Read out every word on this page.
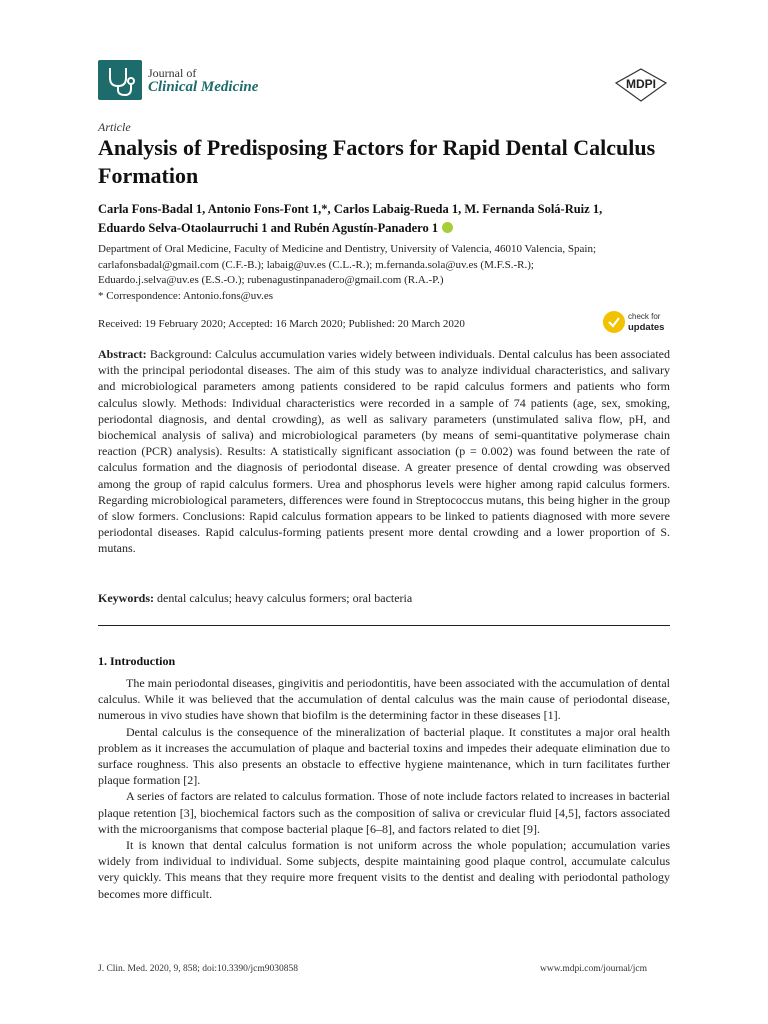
Journal of
Clinical Medicine	MDPI
Article
Analysis of Predisposing Factors for Rapid Dental Calculus Formation
Carla Fons-Badal 1, Antonio Fons-Font 1,*, Carlos Labaig-Rueda 1, M. Fernanda Solá-Ruiz 1,
Eduardo Selva-Otaolaurruchi 1 and Rubén Agustín-Panadero 1
Department of Oral Medicine, Faculty of Medicine and Dentistry, University of Valencia, 46010 Valencia, Spain;
carlafonsbadal@gmail.com (C.F.-B.); labaig@uv.es (C.L.-R.); m.fernanda.sola@uv.es (M.F.S.-R.);
Eduardo.j.selva@uv.es (E.S.-O.); rubenagustinpanadero@gmail.com (R.A.-P.)
* Correspondence: Antonio.fons@uv.es
Received: 19 February 2020; Accepted: 16 March 2020; Published: 20 March 2020
check for
updates

Abstract: Background: Calculus accumulation varies widely between individuals. Dental calculus has been associated with the principal periodontal diseases. The aim of this study was to analyze individual characteristics, and salivary and microbiological parameters among patients considered to be rapid calculus formers and patients who form calculus slowly. Methods: Individual characteristics were recorded in a sample of 74 patients (age, sex, smoking, periodontal diagnosis, and dental crowding), as well as salivary parameters (unstimulated saliva flow, pH, and biochemical analysis of saliva) and microbiological parameters (by means of semi-quantitative polymerase chain reaction (PCR) analysis). Results: A statistically significant association (p = 0.002) was found between the rate of calculus formation and the diagnosis of periodontal disease. A greater presence of dental crowding was observed among the group of rapid calculus formers. Urea and phosphorus levels were higher among rapid calculus formers. Regarding microbiological parameters, differences were found in Streptococcus mutans, this being higher in the group of slow formers. Conclusions: Rapid calculus formation appears to be linked to patients diagnosed with more severe periodontal diseases. Rapid calculus-forming patients present more dental crowding and a lower proportion of S. mutans.

Keywords: dental calculus; heavy calculus formers; oral bacteria
1. Introduction

The main periodontal diseases, gingivitis and periodontitis, have been associated with the accumulation of dental calculus. While it was believed that the accumulation of dental calculus was the main cause of periodontal disease, numerous in vivo studies have shown that biofilm is the determining factor in these diseases [1].

Dental calculus is the consequence of the mineralization of bacterial plaque. It constitutes a major oral health problem as it increases the accumulation of plaque and bacterial toxins and impedes their adequate elimination due to surface roughness. This also presents an obstacle to effective hygiene maintenance, which in turn facilitates further plaque formation [2].

A series of factors are related to calculus formation. Those of note include factors related to increases in bacterial plaque retention [3], biochemical factors such as the composition of saliva or crevicular fluid [4,5], factors associated with the microorganisms that compose bacterial plaque [6–8], and factors related to diet [9].

It is known that dental calculus formation is not uniform across the whole population; accumulation varies widely from individual to individual. Some subjects, despite maintaining good plaque control, accumulate calculus very quickly. This means that they require more frequent visits to the dentist and dealing with periodontal pathology becomes more difficult.

J. Clin. Med. 2020, 9, 858; doi:10.3390/jcm9030858	www.mdpi.com/journal/jcm
